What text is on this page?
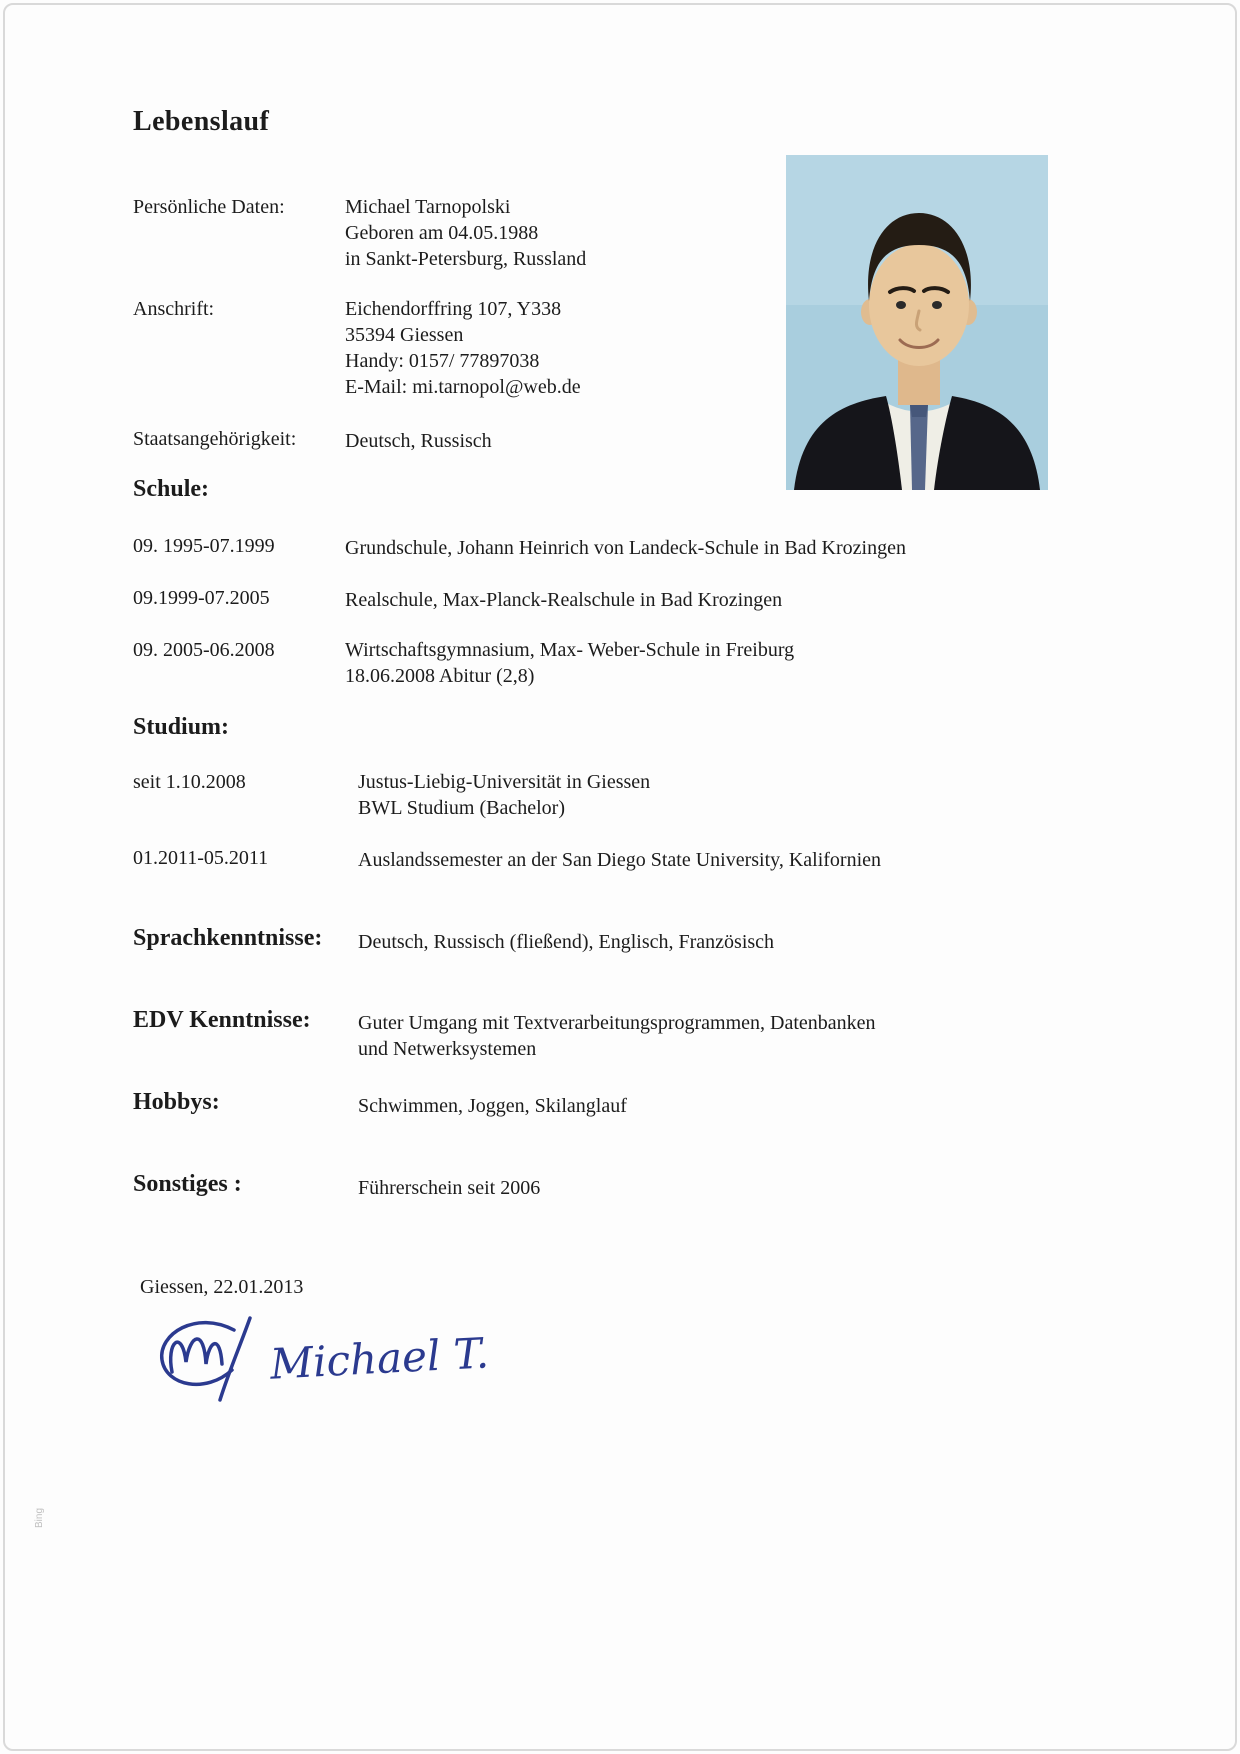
Lebenslauf
Persönliche Daten:	Michael Tarnopolski
Geboren am 04.05.1988
in Sankt-Petersburg, Russland
Anschrift:	Eichendorffring 107, Y338
35394 Giessen
Handy: 0157/ 77897038
E-Mail: mi.tarnopol@web.de
Staatsangehörigkeit: Deutsch, Russisch
Schule:
09. 1995-07.1999	Grundschule, Johann Heinrich von Landeck-Schule in Bad Krozingen
09.1999-07.2005	Realschule, Max-Planck-Realschule in Bad Krozingen
09. 2005-06.2008	Wirtschaftsgymnasium, Max- Weber-Schule in Freiburg
18.06.2008 Abitur (2,8)
Studium:
seit 1.10.2008	Justus-Liebig-Universität in Giessen
BWL Studium (Bachelor)
01.2011-05.2011	Auslandssemester an der San Diego State University, Kalifornien
Sprachkenntnisse: Deutsch, Russisch (fließend), Englisch, Französisch
EDV Kenntnisse: Guter Umgang mit Textverarbeitungsprogrammen, Datenbanken
und Netwerksystemen
Hobbys:	Schwimmen, Joggen, Skilanglauf
Sonstiges :	Führerschein seit 2006
Giessen, 22.01.2013
Michael T.
Bing
